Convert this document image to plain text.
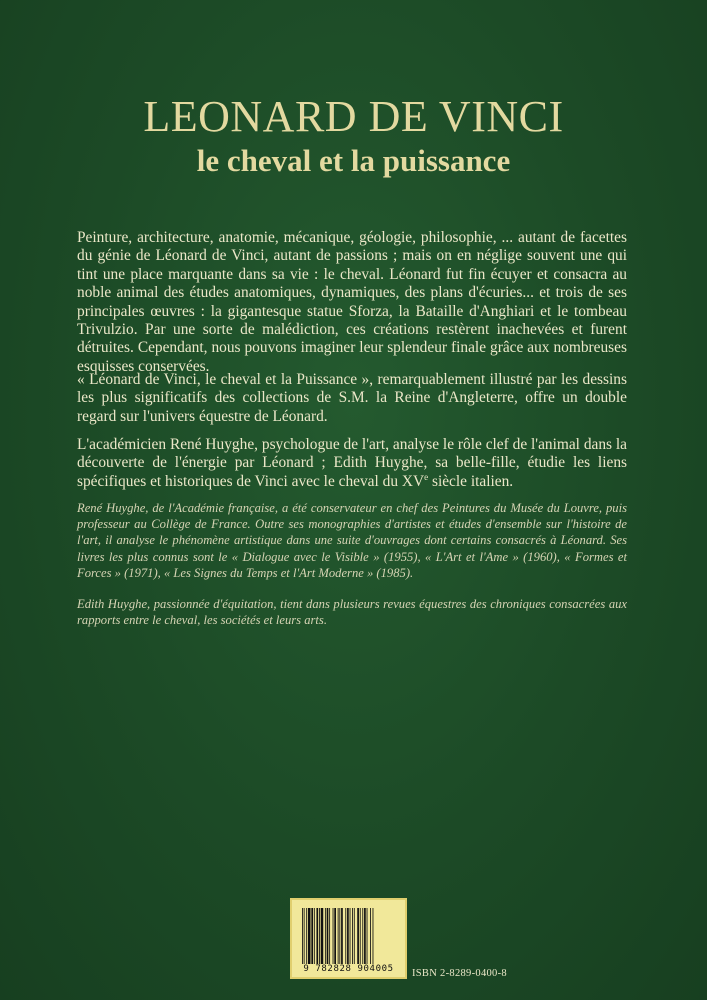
LEONARD DE VINCI
le cheval et la puissance

Peinture, architecture, anatomie, mécanique, géologie, philosophie, ... autant de facettes du génie de Léonard de Vinci, autant de passions ; mais on en néglige souvent une qui tint une place marquante dans sa vie : le cheval. Léonard fut fin écuyer et consacra au noble animal des études anatomiques, dynamiques, des plans d'écuries... et trois de ses principales œuvres : la gigantesque statue Sforza, la Bataille d'Anghiari et le tombeau Trivulzio. Par une sorte de malédiction, ces créations restèrent inachevées et furent détruites. Cependant, nous pouvons imaginer leur splendeur finale grâce aux nombreuses esquisses conservées.

« Léonard de Vinci, le cheval et la Puissance », remarquablement illustré par les dessins les plus significatifs des collections de S.M. la Reine d'Angleterre, offre un double regard sur l'univers équestre de Léonard.

L'académicien René Huyghe, psychologue de l'art, analyse le rôle clef de l'animal dans la découverte de l'énergie par Léonard ; Edith Huyghe, sa belle-fille, étudie les liens spécifiques et historiques de Vinci avec le cheval du XVe siècle italien.

René Huyghe, de l'Académie française, a été conservateur en chef des Peintures du Musée du Louvre, puis professeur au Collège de France. Outre ses monographies d'artistes et études d'ensemble sur l'histoire de l'art, il analyse le phénomène artistique dans une suite d'ouvrages dont certains consacrés à Léonard. Ses livres les plus connus sont le « Dialogue avec le Visible » (1955), « L'Art et l'Ame » (1960), « Formes et Forces » (1971), « Les Signes du Temps et l'Art Moderne » (1985).

Edith Huyghe, passionnée d'équitation, tient dans plusieurs revues équestres des chroniques consacrées aux rapports entre le cheval, les sociétés et leurs arts.

9 782828 904005	ISBN 2-8289-0400-8
